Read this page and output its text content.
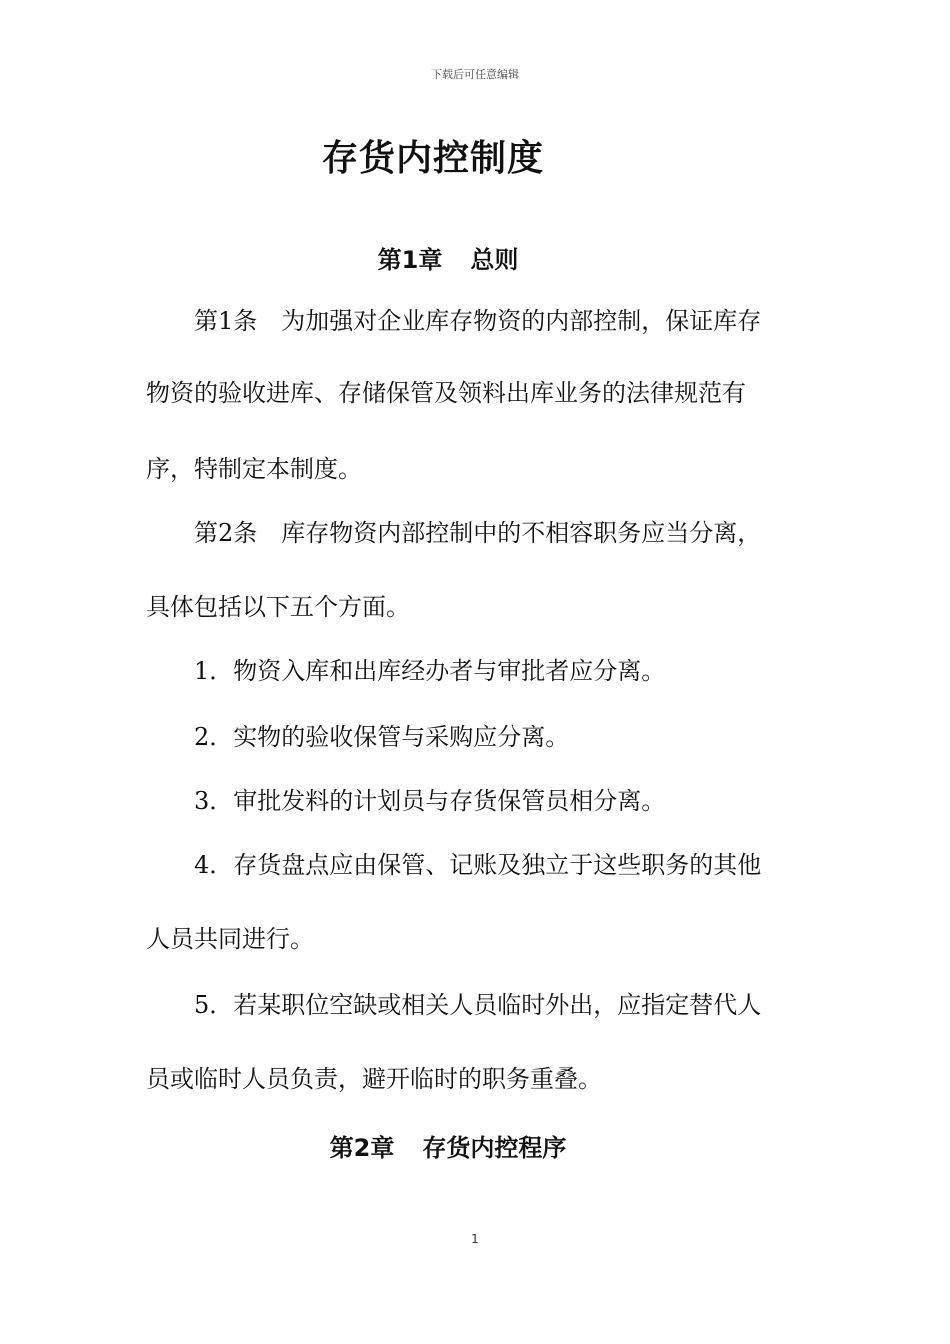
下载后可任意编辑
存货内控制度
第1章 总则
第1条　为加强对企业库存物资的内部控制，保证库存
物资的验收进库、存储保管及领料出库业务的法律规范有
序，特制定本制度。
第2条　库存物资内部控制中的不相容职务应当分离，
具体包括以下五个方面。
1．物资入库和出库经办者与审批者应分离。
2．实物的验收保管与采购应分离。
3．审批发料的计划员与存货保管员相分离。
4．存货盘点应由保管、记账及独立于这些职务的其他
人员共同进行。
5．若某职位空缺或相关人员临时外出，应指定替代人
员或临时人员负责，避开临时的职务重叠。
第2章 存货内控程序
1
